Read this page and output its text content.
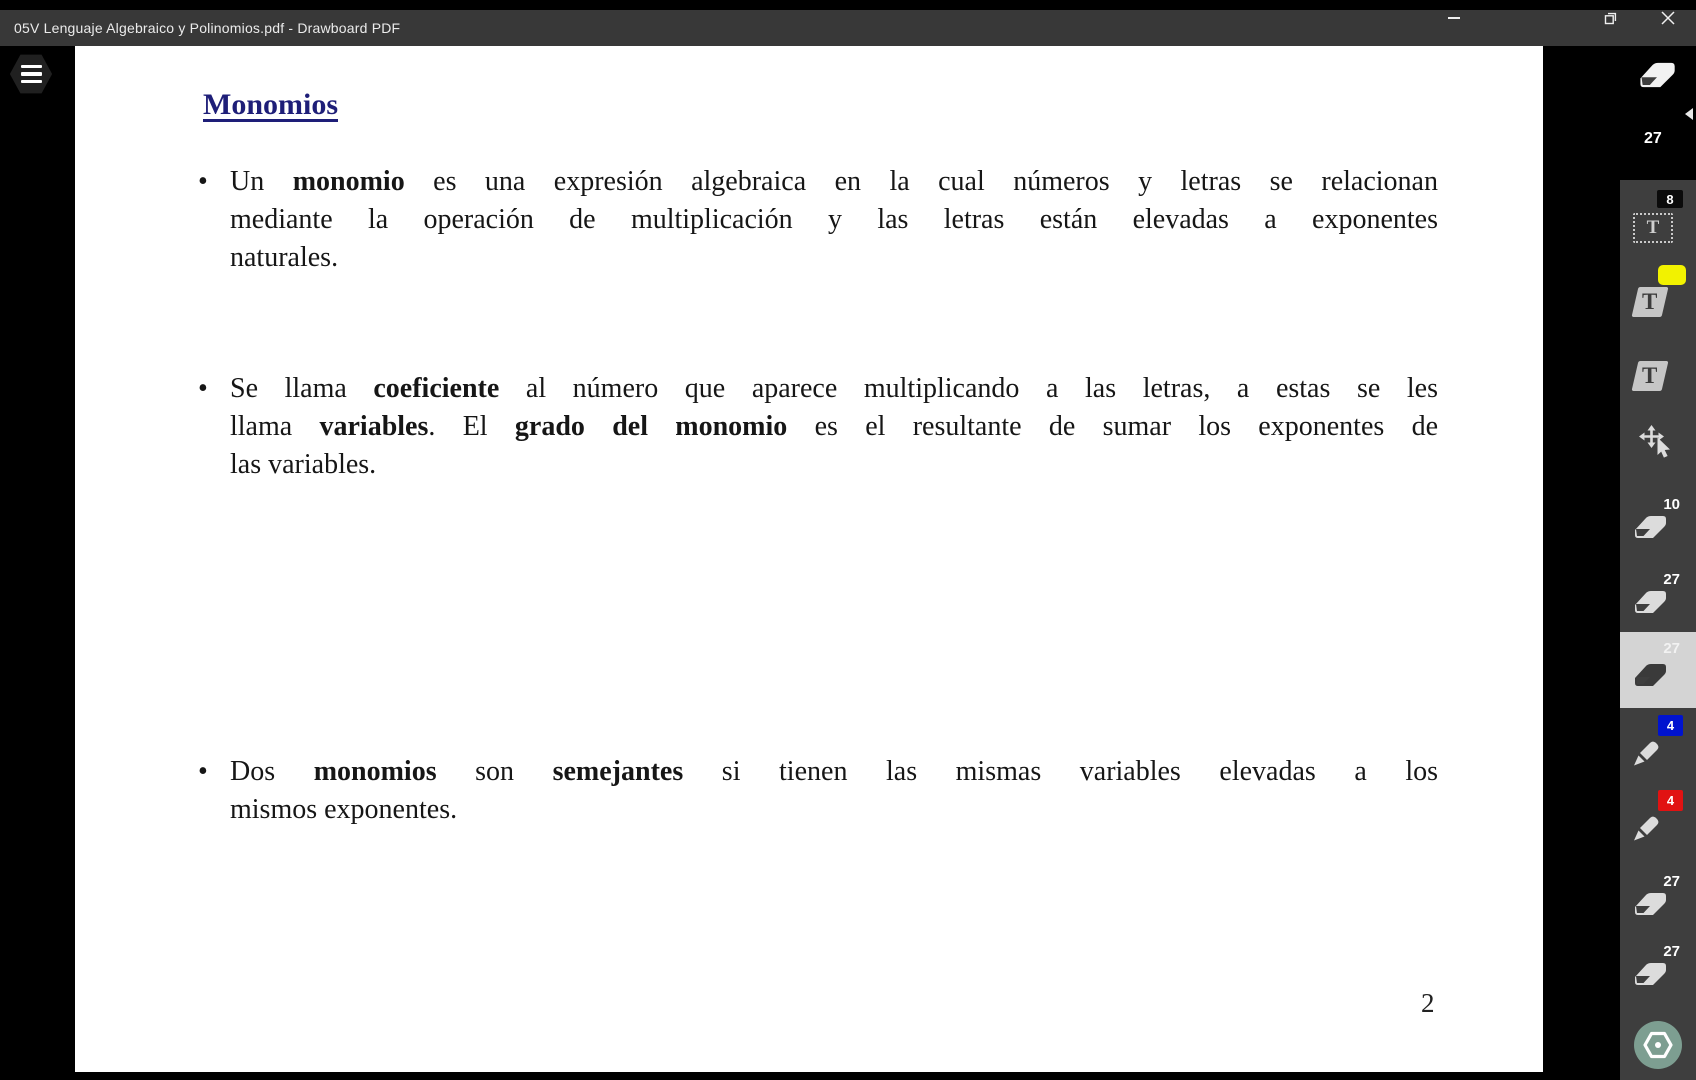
05V Lenguaje Algebraico y Polinomios.pdf - Drawboard PDF
Monomios
• Un monomio es una expresión algebraica en la cual números y letras se relacionan
mediante la operación de multiplicación y las letras están elevadas a exponentes
naturales.
• Se llama coeficiente al número que aparece multiplicando a las letras, a estas se les
llama variables. El grado del monomio es el resultante de sumar los exponentes de
las variables.
• Dos monomios son semejantes si tienen las mismas variables elevadas a los
mismos exponentes.
2
27
8
T
T
T
10
27
27
4
4
27
27
